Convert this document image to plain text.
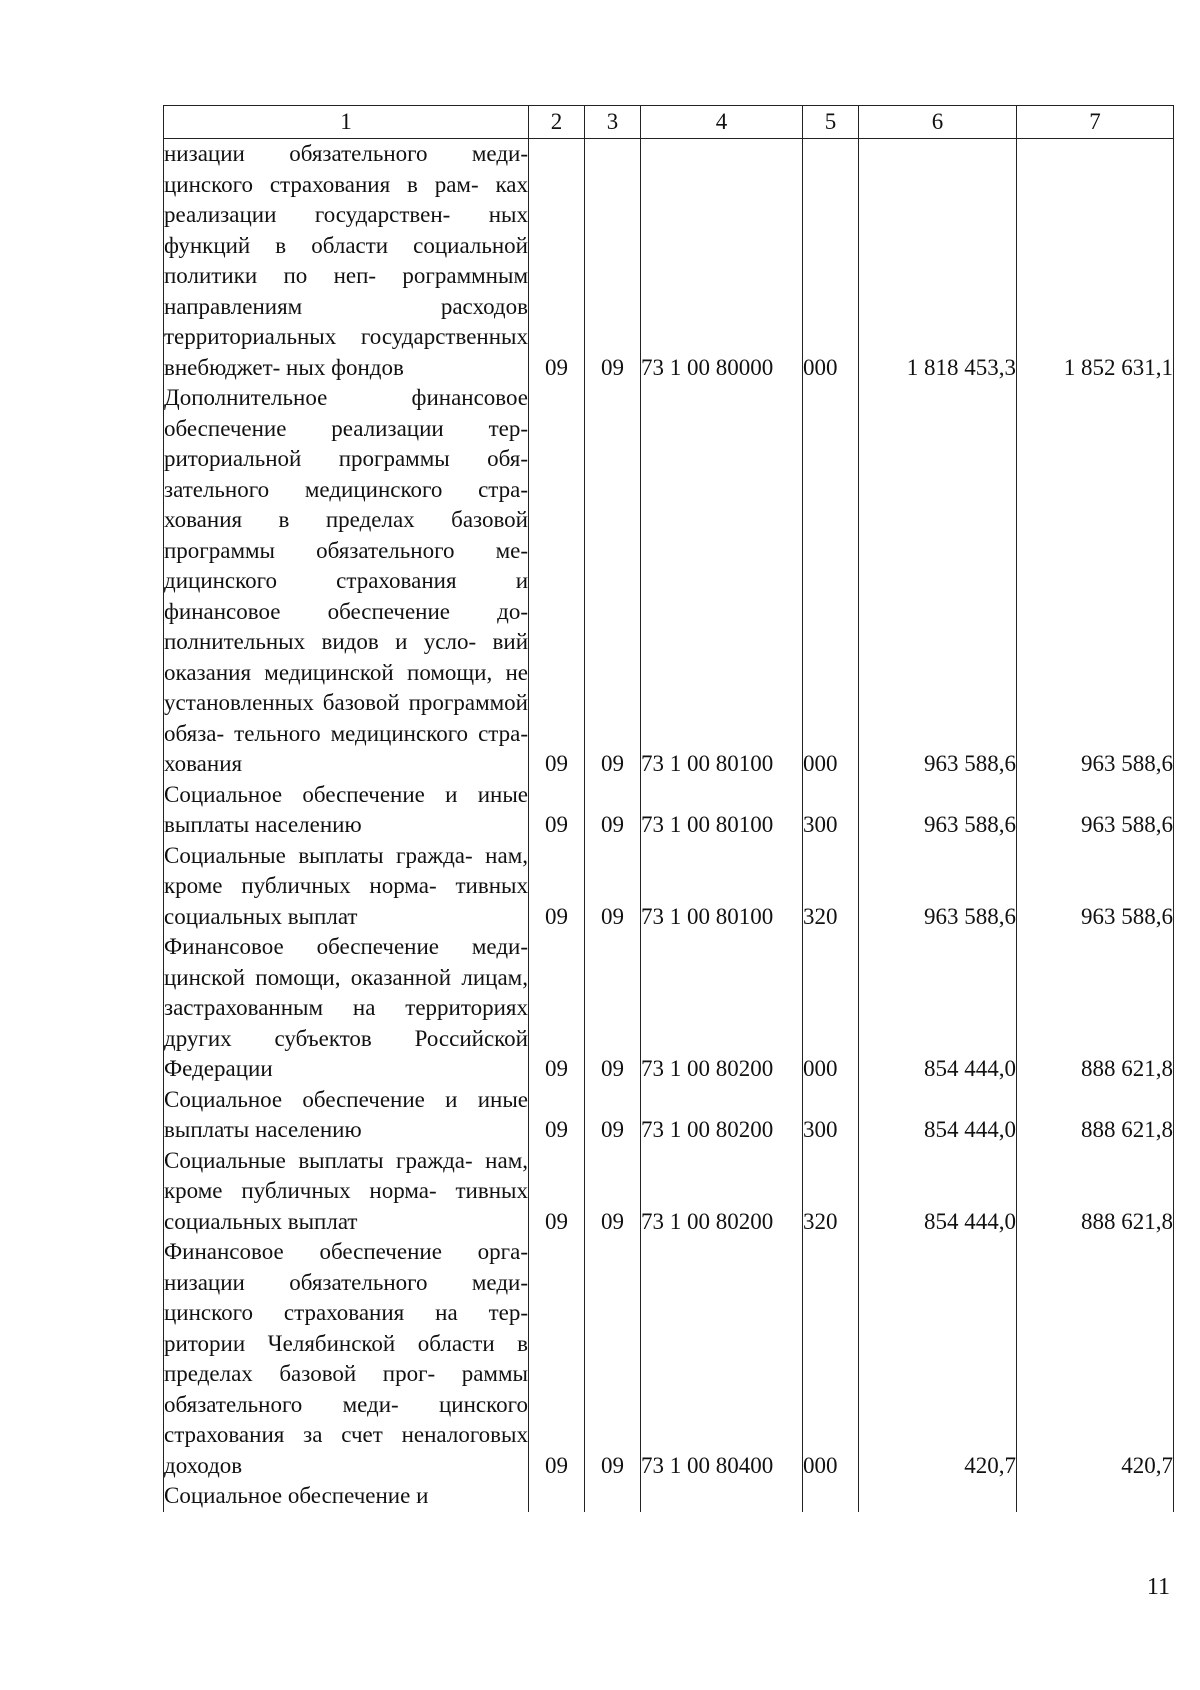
1	2	3	4	5	6	7
низации обязательного меди- цинского страхования в рам- ках реализации государствен- ных функций в области социальной политики по неп- рограммным направлениям расходов территориальных государственных внебюджет- ных фондов	09	09	73 1 00 80000	000	1 818 453,3	1 852 631,1
Дополнительное финансовое обеспечение реализации тер- риториальной программы обя- зательного медицинского стра- хования в пределах базовой программы обязательного ме- дицинского страхования и финансовое обеспечение до- полнительных видов и усло- вий оказания медицинской помощи, не установленных базовой программой обяза- тельного медицинского стра- хования	09	09	73 1 00 80100	000	963 588,6	963 588,6
Социальное обеспечение и иные выплаты населению	09	09	73 1 00 80100	300	963 588,6	963 588,6
Социальные выплаты гражда- нам, кроме публичных норма- тивных социальных выплат	09	09	73 1 00 80100	320	963 588,6	963 588,6
Финансовое обеспечение меди- цинской помощи, оказанной лицам, застрахованным на территориях других субъектов Российской Федерации	09	09	73 1 00 80200	000	854 444,0	888 621,8
Социальное обеспечение и иные выплаты населению	09	09	73 1 00 80200	300	854 444,0	888 621,8
Социальные выплаты гражда- нам, кроме публичных норма- тивных социальных выплат	09	09	73 1 00 80200	320	854 444,0	888 621,8
Финансовое обеспечение орга- низации обязательного меди- цинского страхования на тер- ритории Челябинской области в пределах базовой прог- раммы обязательного меди- цинского страхования за счет неналоговых доходов	09	09	73 1 00 80400	000	420,7	420,7
Социальное обеспечение и						
11
